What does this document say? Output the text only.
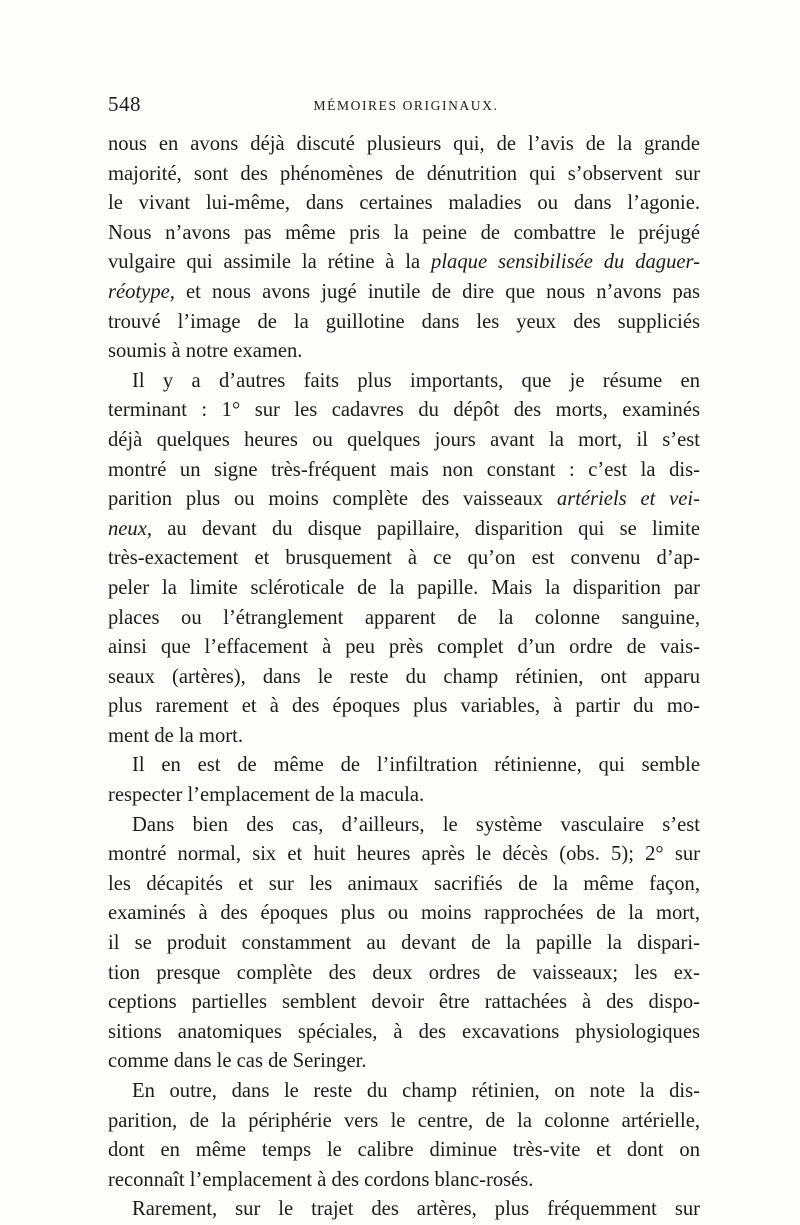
548	MÉMOIRES ORIGINAUX.
nous en avons déjà discuté plusieurs qui, de l’avis de la grande
majorité, sont des phénomènes de dénutrition qui s’observent sur
le vivant lui-même, dans certaines maladies ou dans l’agonie.
Nous n’avons pas même pris la peine de combattre le préjugé
vulgaire qui assimile la rétine à la plaque sensibilisée du daguer-
réotype, et nous avons jugé inutile de dire que nous n’avons pas
trouvé l’image de la guillotine dans les yeux des suppliciés
soumis à notre examen.
Il y a d’autres faits plus importants, que je résume en
terminant : 1° sur les cadavres du dépôt des morts, examinés
déjà quelques heures ou quelques jours avant la mort, il s’est
montré un signe très-fréquent mais non constant : c’est la dis-
parition plus ou moins complète des vaisseaux artériels et vei-
neux, au devant du disque papillaire, disparition qui se limite
très-exactement et brusquement à ce qu’on est convenu d’ap-
peler la limite scléroticale de la papille. Mais la disparition par
places ou l’étranglement apparent de la colonne sanguine,
ainsi que l’effacement à peu près complet d’un ordre de vais-
seaux (artères), dans le reste du champ rétinien, ont apparu
plus rarement et à des époques plus variables, à partir du mo-
ment de la mort.
Il en est de même de l’infiltration rétinienne, qui semble
respecter l’emplacement de la macula.
Dans bien des cas, d’ailleurs, le système vasculaire s’est
montré normal, six et huit heures après le décès (obs. 5); 2° sur
les décapités et sur les animaux sacrifiés de la même façon,
examinés à des époques plus ou moins rapprochées de la mort,
il se produit constamment au devant de la papille la dispari-
tion presque complète des deux ordres de vaisseaux; les ex-
ceptions partielles semblent devoir être rattachées à des dispo-
sitions anatomiques spéciales, à des excavations physiologiques
comme dans le cas de Seringer.
En outre, dans le reste du champ rétinien, on note la dis-
parition, de la périphérie vers le centre, de la colonne artérielle,
dont en même temps le calibre diminue très-vite et dont on
reconnaît l’emplacement à des cordons blanc-rosés.
Rarement, sur le trajet des artères, plus fréquemment sur
